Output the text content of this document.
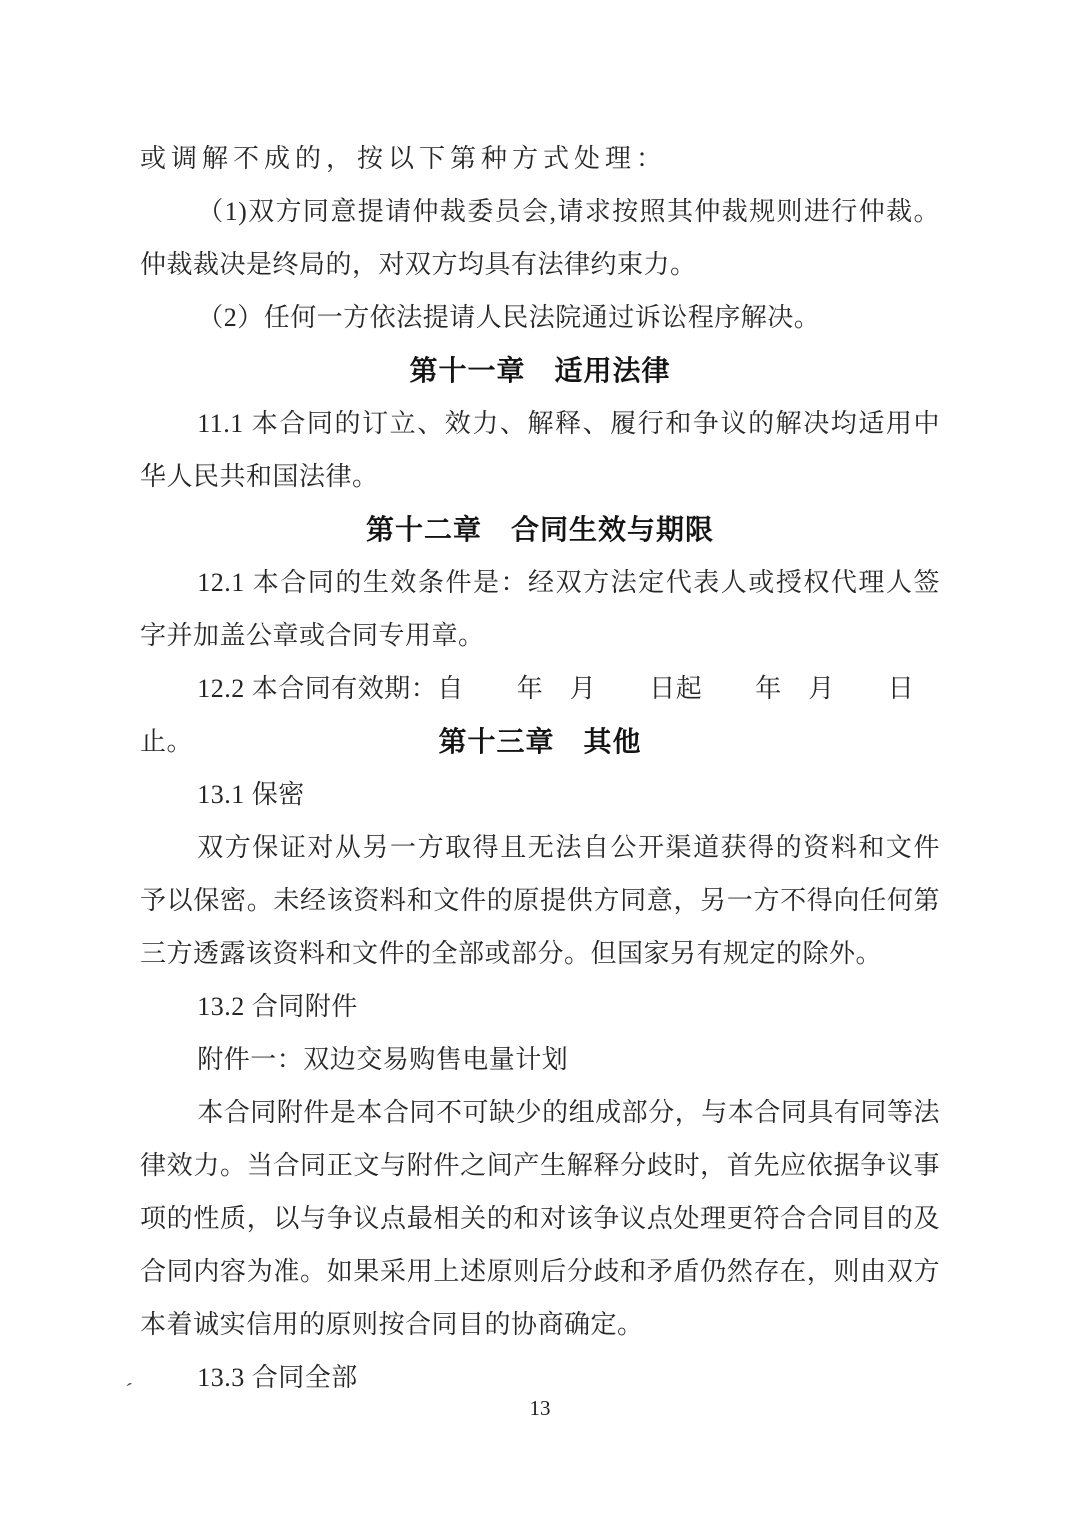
或调解不成的，按以下第种方式处理：
（1)双方同意提请仲裁委员会,请求按照其仲裁规则进行仲裁。
仲裁裁决是终局的，对双方均具有法律约束力。
（2）任何一方依法提请人民法院通过诉讼程序解决。
第十一章　适用法律
11.1 本合同的订立、效力、解释、履行和争议的解决均适用中
华人民共和国法律。
第十二章　合同生效与期限
12.1 本合同的生效条件是：经双方法定代表人或授权代理人签
字并加盖公章或合同专用章。
12.2 本合同有效期：自　　年　月　　日起　　年　月　　日止。	第十三章　其他
13.1 保密
双方保证对从另一方取得且无法自公开渠道获得的资料和文件
予以保密。未经该资料和文件的原提供方同意，另一方不得向任何第
三方透露该资料和文件的全部或部分。但国家另有规定的除外。
13.2 合同附件
附件一：双边交易购售电量计划
本合同附件是本合同不可缺少的组成部分，与本合同具有同等法
律效力。当合同正文与附件之间产生解释分歧时，首先应依据争议事
项的性质，以与争议点最相关的和对该争议点处理更符合合同目的及
合同内容为准。如果采用上述原则后分歧和矛盾仍然存在，则由双方
本着诚实信用的原则按合同目的协商确定。
13.3 合同全部
ˊ
13
